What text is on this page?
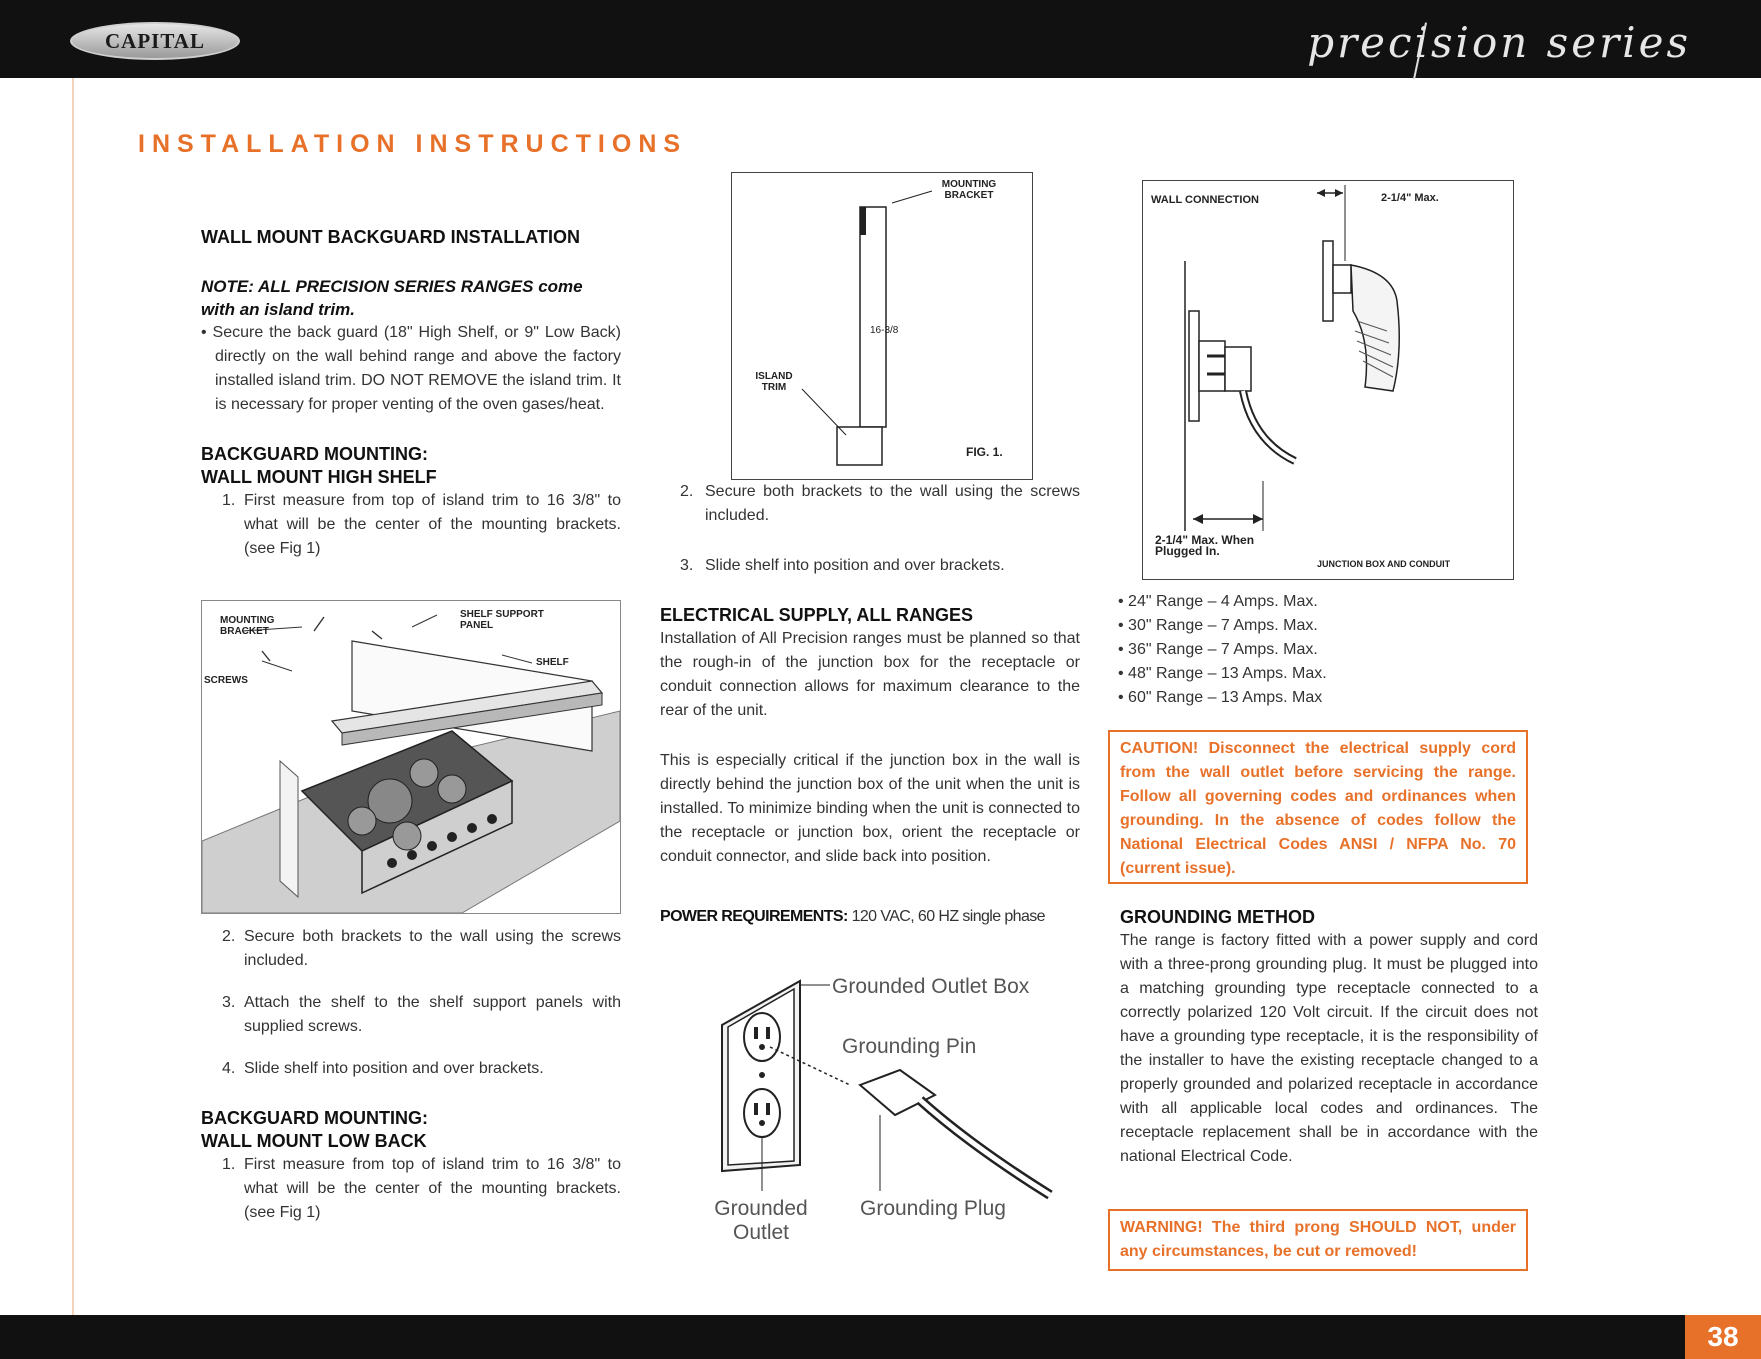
CAPITAL	precision series
INSTALLATION INSTRUCTIONS

WALL MOUNT BACKGUARD INSTALLATION

NOTE: ALL PRECISION SERIES RANGES come

with an island trim.

• Secure the back guard (18" High Shelf, or 9" Low Back) directly on the wall behind range and above the factory installed island trim. DO NOT REMOVE the island trim. It is necessary for proper venting of the oven gases/heat.

BACKGUARD MOUNTING:

WALL MOUNT HIGH SHELF

1. First measure from top of island trim to 16 3/8" to what will be the center of the mounting brackets. (see Fig 1)

MOUNTING BRACKET
SHELF SUPPORT PANEL
SHELF
SCREWS

2. Secure both brackets to the wall using the screws included.

3. Attach the shelf to the shelf support panels with supplied screws.

4. Slide shelf into position and over brackets.

BACKGUARD MOUNTING:

WALL MOUNT LOW BACK

1. First measure from top of island trim to 16 3/8" to what will be the center of the mounting brackets. (see Fig 1)

MOUNTING BRACKET
16-3/8
ISLAND TRIM
FIG. 1.

2. Secure both brackets to the wall using the screws included.

3. Slide shelf into position and over brackets.

ELECTRICAL SUPPLY, ALL RANGES

Installation of All Precision ranges must be planned so that the rough-in of the junction box for the receptacle or conduit connection allows for maximum clearance to the rear of the unit.

This is especially critical if the junction box in the wall is directly behind the junction box of the unit when the unit is installed. To minimize binding when the unit is connected to the receptacle or junction box, orient the receptacle or conduit connector, and slide back into position.

POWER REQUIREMENTS: 120 VAC, 60 HZ single phase

Grounded Outlet Box
Grounding Pin
Grounded
Outlet
Grounding Plug
WALL CONNECTION	2-1/4" Max.
2-1/4" Max. When
Plugged In.
JUNCTION BOX AND CONDUIT
• 24" Range – 4 Amps. Max.
• 30" Range – 7 Amps. Max.
• 36" Range – 7 Amps. Max.
• 48" Range – 13 Amps. Max.
• 60" Range – 13 Amps. Max
CAUTION! Disconnect the electrical supply cord from the wall outlet before servicing the range. Follow all governing codes and ordinances when grounding. In the absence of codes follow the National Electrical Codes ANSI / NFPA No. 70 (current issue).

GROUNDING METHOD

The range is factory fitted with a power supply and cord with a three-prong grounding plug. It must be plugged into a matching grounding type receptacle connected to a correctly polarized 120 Volt circuit. If the circuit does not have a grounding type receptacle, it is the responsibility of the installer to have the existing receptacle changed to a properly grounded and polarized receptacle in accordance with all applicable local codes and ordinances. The receptacle replacement shall be in accordance with the national Electrical Code.

WARNING! The third prong SHOULD NOT, under any circumstances, be cut or removed!
38
